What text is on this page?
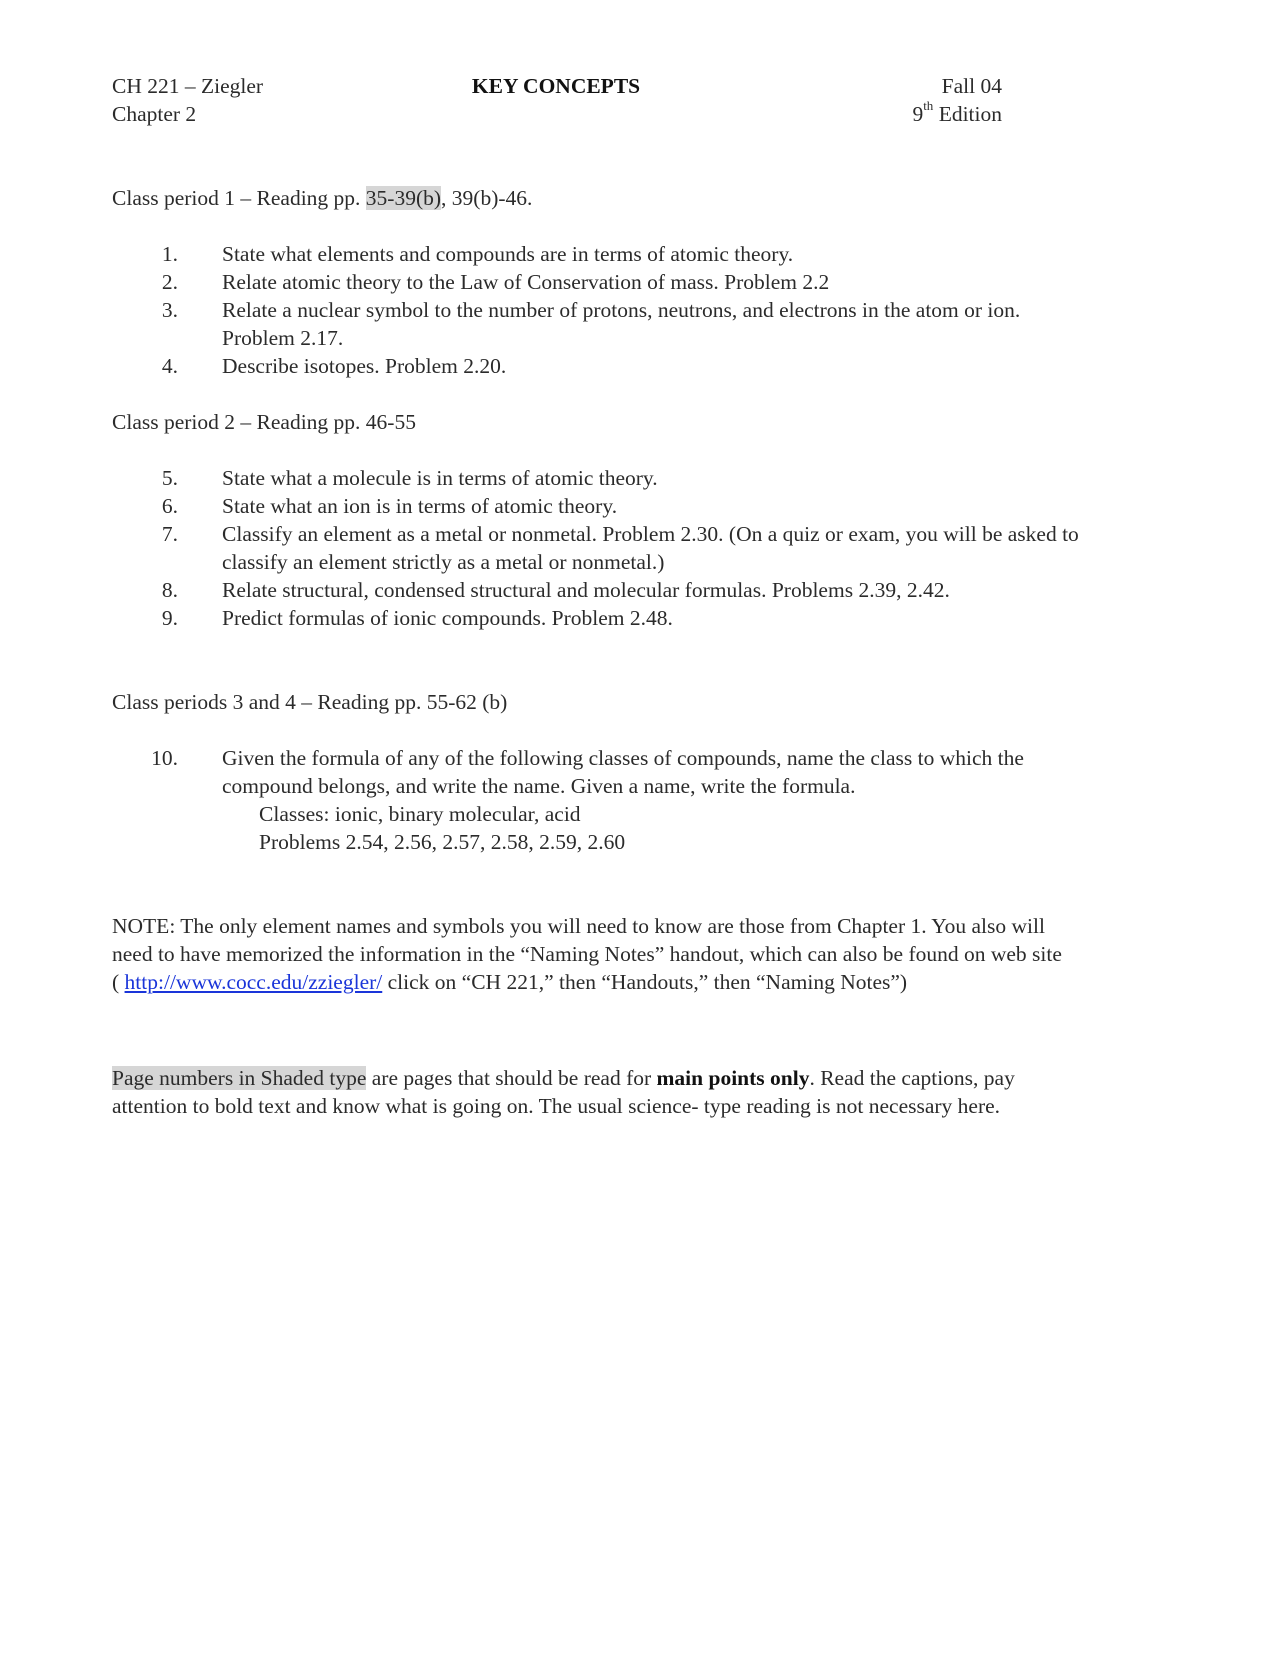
CH 221 – Ziegler
Chapter 2
KEY CONCEPTS	Fall 04
9th Edition
Class period 1 – Reading pp. 35-39(b), 39(b)-46.
1. State what elements and compounds are in terms of atomic theory.
2. Relate atomic theory to the Law of Conservation of mass. Problem 2.2
3. Relate a nuclear symbol to the number of protons, neutrons, and electrons in the atom or ion.
Problem 2.17.
4. Describe isotopes. Problem 2.20.
Class period 2 – Reading pp. 46-55
5. State what a molecule is in terms of atomic theory.
6. State what an ion is in terms of atomic theory.
7. Classify an element as a metal or nonmetal. Problem 2.30. (On a quiz or exam, you will be asked to
classify an element strictly as a metal or nonmetal.)
8. Relate structural, condensed structural and molecular formulas. Problems 2.39, 2.42.
9. Predict formulas of ionic compounds. Problem 2.48.
Class periods 3 and 4 – Reading pp. 55-62 (b)
10. Given the formula of any of the following classes of compounds, name the class to which the
compound belongs, and write the name. Given a name, write the formula.
Classes: ionic, binary molecular, acid
Problems 2.54, 2.56, 2.57, 2.58, 2.59, 2.60
NOTE: The only element names and symbols you will need to know are those from Chapter 1. You also will
need to have memorized the information in the “Naming Notes” handout, which can also be found on web site
( http://www.cocc.edu/zziegler/ click on “CH 221,” then “Handouts,” then “Naming Notes”)
Page numbers in Shaded type are pages that should be read for main points only. Read the captions, pay
attention to bold text and know what is going on. The usual science- type reading is not necessary here.
